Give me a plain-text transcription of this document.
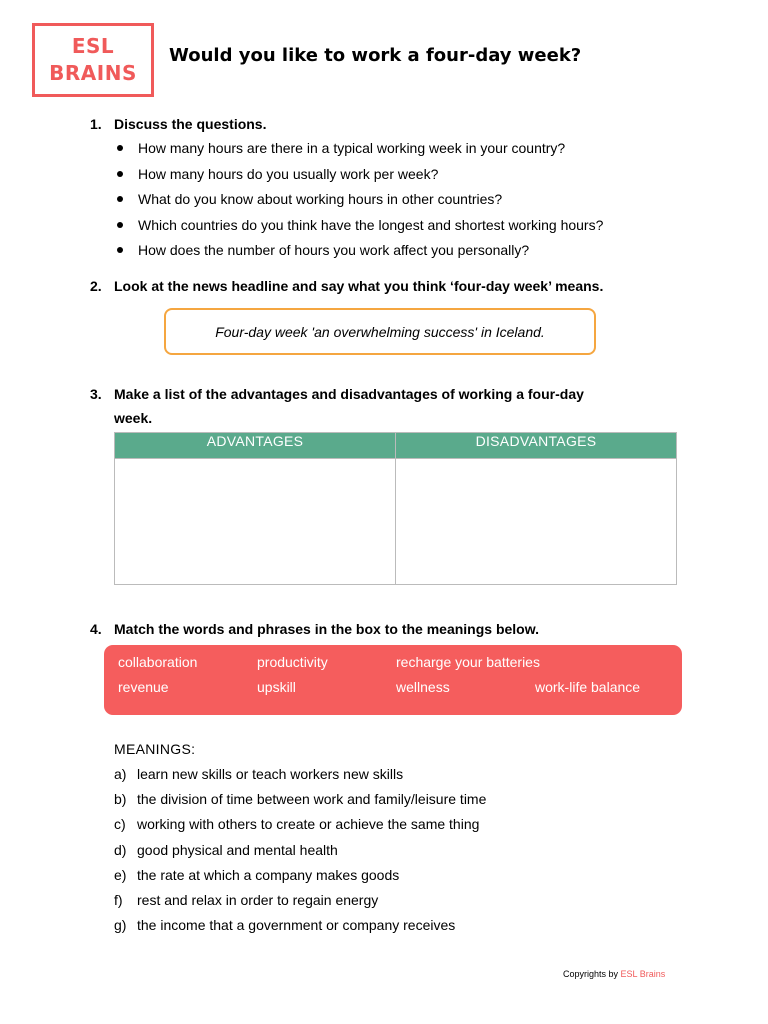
ESL
BRAINS
Would you like to work a four-day week?
1. Discuss the questions.
How many hours are there in a typical working week in your country?
How many hours do you usually work per week?
What do you know about working hours in other countries?
Which countries do you think have the longest and shortest working hours?
How does the number of hours you work affect you personally?
2. Look at the news headline and say what you think ‘four-day week’ means.
Four-day week 'an overwhelming success' in Iceland.
3. Make a list of the advantages and disadvantages of working a four-day
week.
ADVANTAGES	DISADVANTAGES

4. Match the words and phrases in the box to the meanings below.
collaboration	productivity	recharge your batteries
revenue	upskill	wellness	work-life balance
MEANINGS:
a) learn new skills or teach workers new skills
b) the division of time between work and family/leisure time
c) working with others to create or achieve the same thing
d) good physical and mental health
e) the rate at which a company makes goods
f) rest and relax in order to regain energy
g) the income that a government or company receives
Copyrights by ESL Brains
